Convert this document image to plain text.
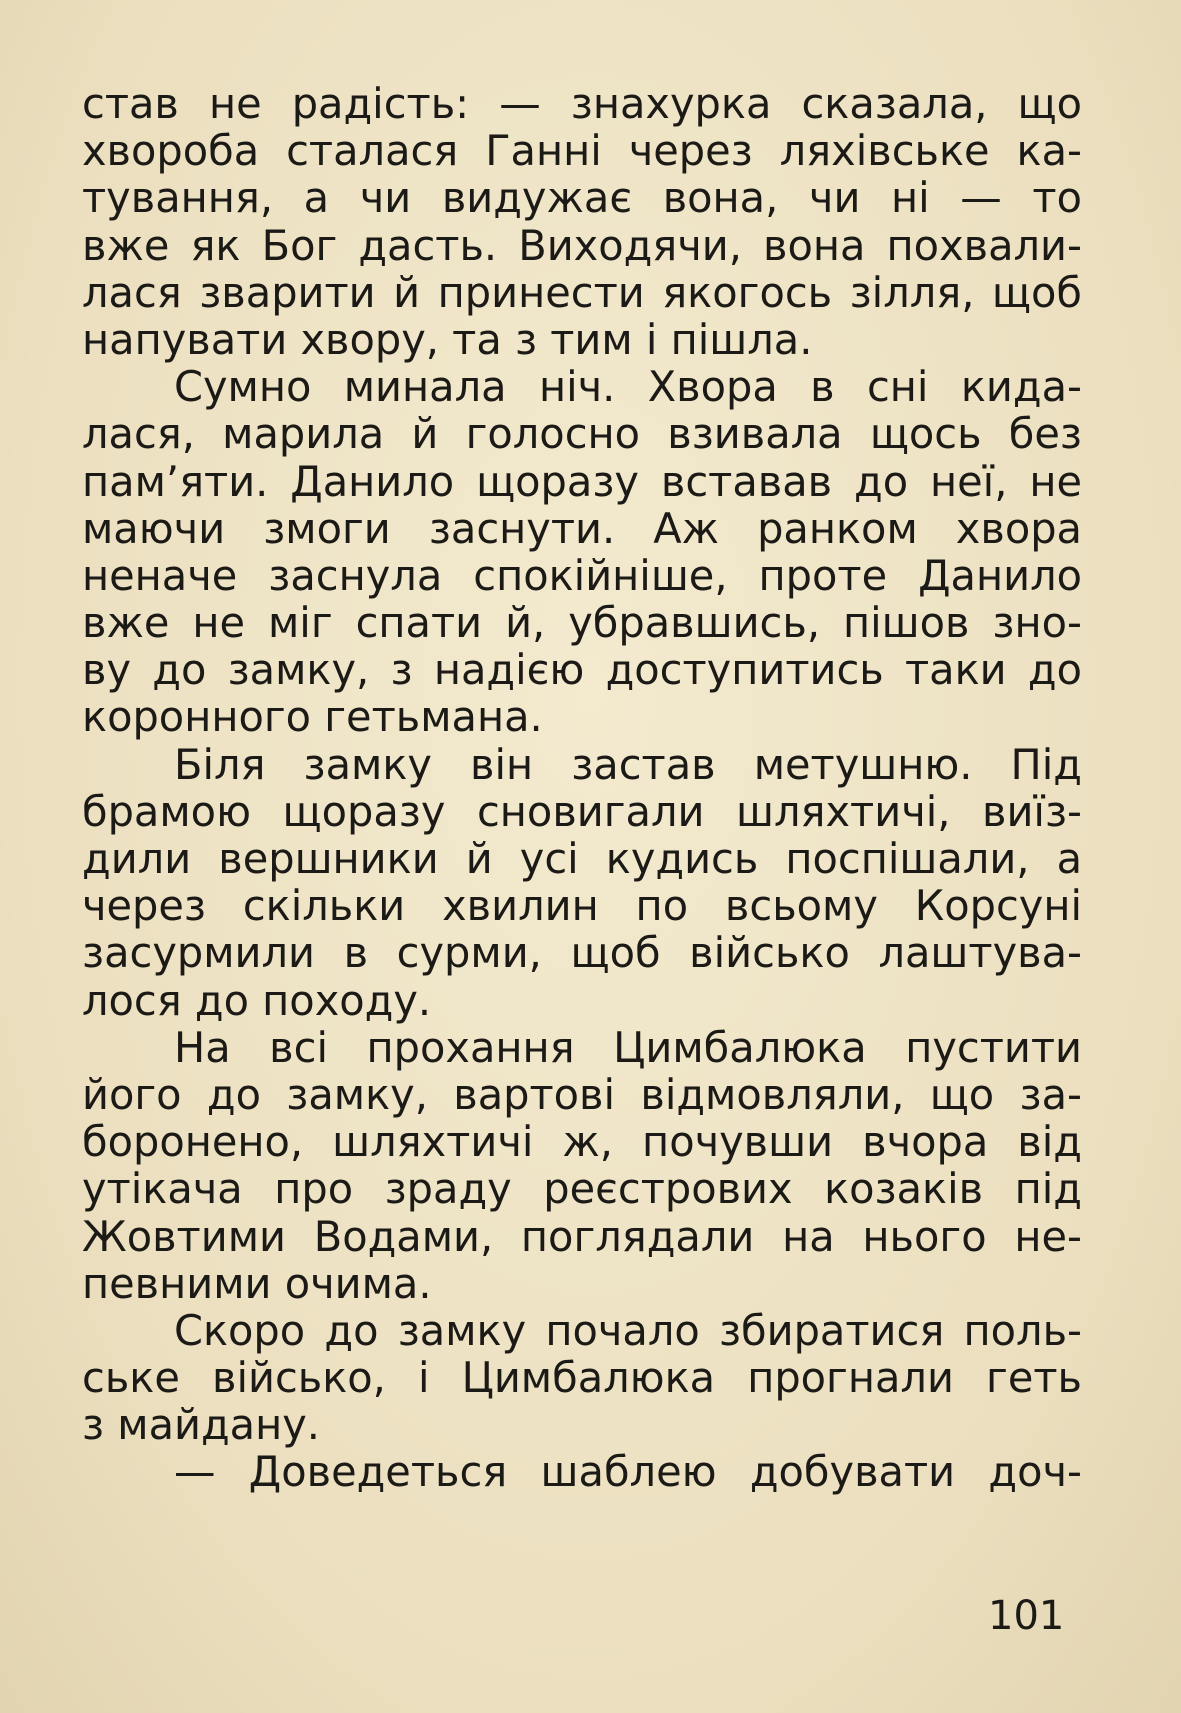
став не радість: — знахурка сказала, що
хвороба сталася Ганні через ляхівське ка-
тування, а чи видужає вона, чи ні — то
вже як Бог дасть. Виходячи, вона похвали-
лася зварити й принести якогось зілля, щоб
напувати хвору, та з тим і пішла.
Сумно минала ніч. Хвора в сні кида-
лася, марила й голосно взивала щось без
пам’яти. Данило щоразу вставав до неї, не
маючи змоги заснути. Аж ранком хвора
неначе заснула спокійніше, проте Данило
вже не міг спати й, убравшись, пішов зно-
ву до замку, з надією доступитись таки до
коронного гетьмана.
Біля замку він застав метушню. Під
брамою щоразу сновигали шляхтичі, виїз-
дили вершники й усі кудись поспішали, а
через скільки хвилин по всьому Корсуні
засурмили в сурми, щоб військо лаштува-
лося до походу.
На всі прохання Цимбалюка пустити
його до замку, вартові відмовляли, що за-
боронено, шляхтичі ж, почувши вчора від
утікача про зраду реєстрових козаків під
Жовтими Водами, поглядали на нього не-
певними очима.
Скоро до замку почало збиратися поль-
ське військо, і Цимбалюка прогнали геть
з майдану.
— Доведеться шаблею добувати доч-
101
